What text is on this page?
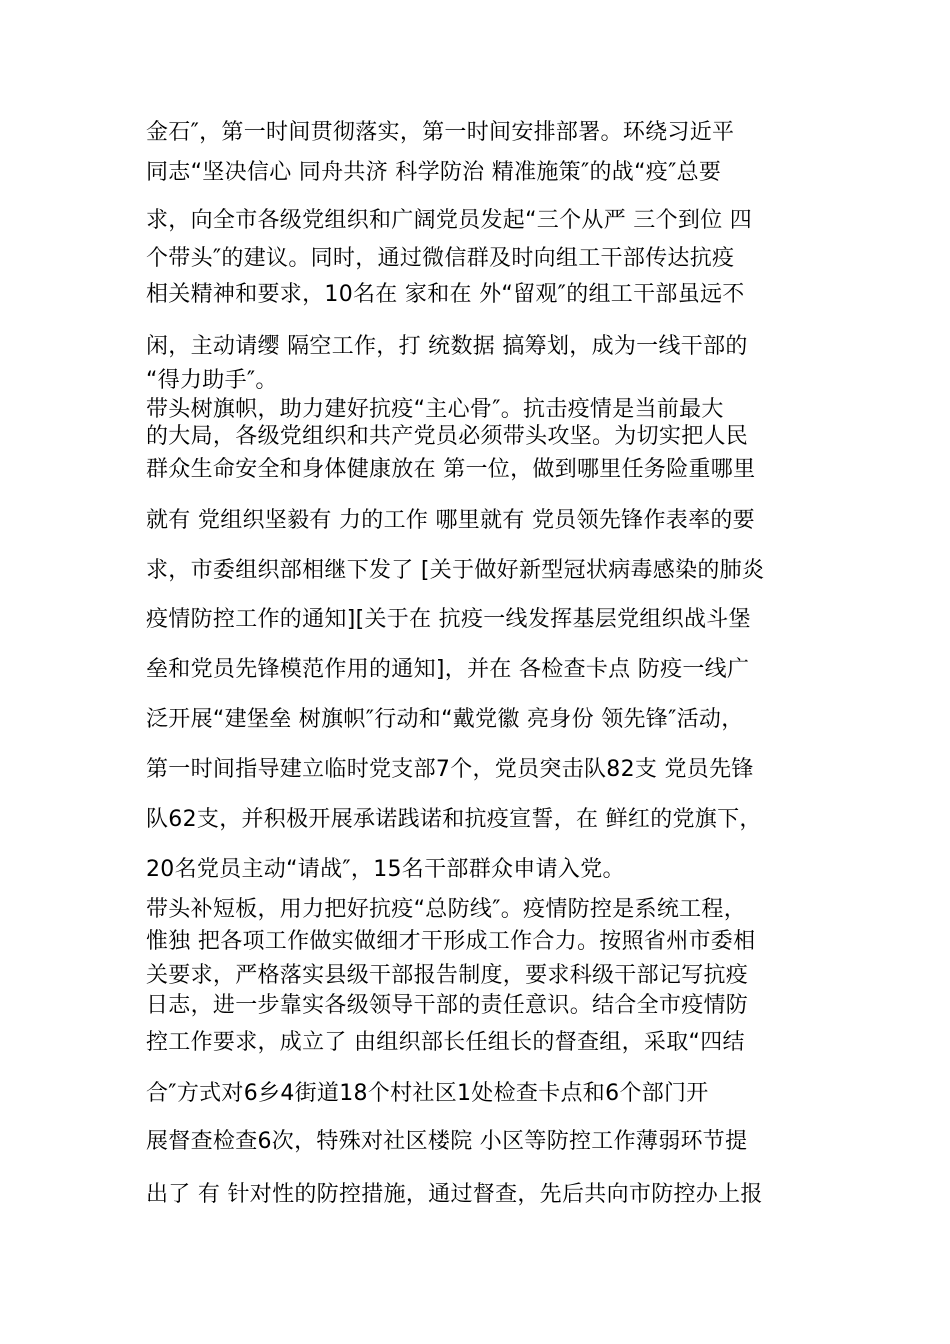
金石″，第一时间贯彻落实，第一时间安排部署。环绕习近平
同志“坚决信心 同舟共济 科学防治 精准施策″的战“疫″总要
求，向全市各级党组织和广阔党员发起“三个从严 三个到位 四
个带头″的建议。同时，通过微信群及时向组工干部传达抗疫
相关精神和要求，10名在 家和在 外“留观″的组工干部虽远不
闲，主动请缨 隔空工作，打 统数据 搞筹划，成为一线干部的
“得力助手″。
带头树旗帜，助力建好抗疫“主心骨″。抗击疫情是当前最大
的大局，各级党组织和共产党员必须带头攻坚。为切实把人民
群众生命安全和身体健康放在 第一位，做到哪里任务险重哪里
就有 党组织坚毅有 力的工作 哪里就有 党员领先锋作表率的要
求，市委组织部相继下发了 [关于做好新型冠状病毒感染的肺炎
疫情防控工作的通知][关于在 抗疫一线发挥基层党组织战斗堡
垒和党员先锋模范作用的通知]，并在 各检查卡点 防疫一线广
泛开展“建堡垒 树旗帜″行动和“戴党徽 亮身份 领先锋″活动，
第一时间指导建立临时党支部7个，党员突击队82支 党员先锋
队62支，并积极开展承诺践诺和抗疫宣誓，在 鲜红的党旗下，
20名党员主动“请战″，15名干部群众申请入党。
带头补短板，用力把好抗疫“总防线″。疫情防控是系统工程，
惟独 把各项工作做实做细才干形成工作合力。按照省州市委相
关要求，严格落实县级干部报告制度，要求科级干部记写抗疫
日志，进一步靠实各级领导干部的责任意识。结合全市疫情防
控工作要求，成立了 由组织部长任组长的督查组，采取“四结
合″方式对6乡4街道18个村社区1处检查卡点和6个部门开
展督查检查6次，特殊对社区楼院 小区等防控工作薄弱环节提
出了 有 针对性的防控措施，通过督查，先后共向市防控办上报
